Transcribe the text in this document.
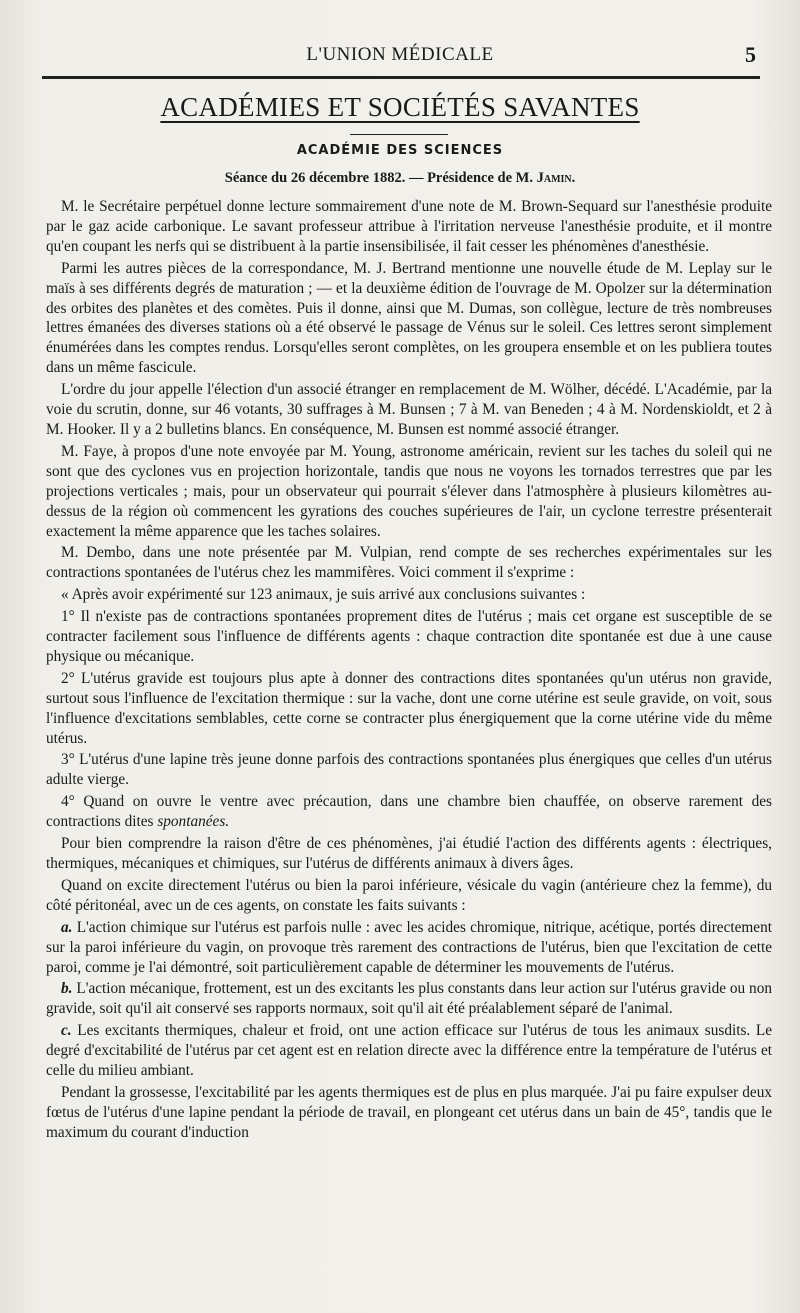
L'UNION MÉDICALE	5
ACADÉMIES ET SOCIÉTÉS SAVANTES
ACADÉMIE DES SCIENCES
Séance du 26 décembre 1882. — Présidence de M. Jamin.

M. le Secrétaire perpétuel donne lecture sommairement d'une note de M. Brown-Sequard sur l'anesthésie produite par le gaz acide carbonique. Le savant professeur attribue à l'irritation nerveuse l'anesthésie produite, et il montre qu'en coupant les nerfs qui se distribuent à la partie insensibilisée, il fait cesser les phénomènes d'anesthésie.

Parmi les autres pièces de la correspondance, M. J. Bertrand mentionne une nouvelle étude de M. Leplay sur le maïs à ses différents degrés de maturation ; — et la deuxième édition de l'ouvrage de M. Opolzer sur la détermination des orbites des planètes et des comètes. Puis il donne, ainsi que M. Dumas, son collègue, lecture de très nombreuses lettres émanées des diverses stations où a été observé le passage de Vénus sur le soleil. Ces lettres seront simplement énumérées dans les comptes rendus. Lorsqu'elles seront complètes, on les groupera ensemble et on les publiera toutes dans un même fascicule.

L'ordre du jour appelle l'élection d'un associé étranger en remplacement de M. Wölher, décédé. L'Académie, par la voie du scrutin, donne, sur 46 votants, 30 suffrages à M. Bunsen ; 7 à M. van Beneden ; 4 à M. Nordenskioldt, et 2 à M. Hooker. Il y a 2 bulletins blancs. En conséquence, M. Bunsen est nommé associé étranger.

M. Faye, à propos d'une note envoyée par M. Young, astronome américain, revient sur les taches du soleil qui ne sont que des cyclones vus en projection horizontale, tandis que nous ne voyons les tornados terrestres que par les projections verticales ; mais, pour un observateur qui pourrait s'élever dans l'atmosphère à plusieurs kilomètres au-dessus de la région où commencent les gyrations des couches supérieures de l'air, un cyclone terrestre présenterait exactement la même apparence que les taches solaires.

M. Dembo, dans une note présentée par M. Vulpian, rend compte de ses recherches expérimentales sur les contractions spontanées de l'utérus chez les mammifères. Voici comment il s'exprime :

« Après avoir expérimenté sur 123 animaux, je suis arrivé aux conclusions suivantes :

1° Il n'existe pas de contractions spontanées proprement dites de l'utérus ; mais cet organe est susceptible de se contracter facilement sous l'influence de différents agents : chaque contraction dite spontanée est due à une cause physique ou mécanique.

2° L'utérus gravide est toujours plus apte à donner des contractions dites spontanées qu'un utérus non gravide, surtout sous l'influence de l'excitation thermique : sur la vache, dont une corne utérine est seule gravide, on voit, sous l'influence d'excitations semblables, cette corne se contracter plus énergiquement que la corne utérine vide du même utérus.

3° L'utérus d'une lapine très jeune donne parfois des contractions spontanées plus énergiques que celles d'un utérus adulte vierge.

4° Quand on ouvre le ventre avec précaution, dans une chambre bien chauffée, on observe rarement des contractions dites spontanées.

Pour bien comprendre la raison d'être de ces phénomènes, j'ai étudié l'action des différents agents : électriques, thermiques, mécaniques et chimiques, sur l'utérus de différents animaux à divers âges.

Quand on excite directement l'utérus ou bien la paroi inférieure, vésicale du vagin (antérieure chez la femme), du côté péritonéal, avec un de ces agents, on constate les faits suivants :

a. L'action chimique sur l'utérus est parfois nulle : avec les acides chromique, nitrique, acétique, portés directement sur la paroi inférieure du vagin, on provoque très rarement des contractions de l'utérus, bien que l'excitation de cette paroi, comme je l'ai démontré, soit particulièrement capable de déterminer les mouvements de l'utérus.

b. L'action mécanique, frottement, est un des excitants les plus constants dans leur action sur l'utérus gravide ou non gravide, soit qu'il ait conservé ses rapports normaux, soit qu'il ait été préalablement séparé de l'animal.

c. Les excitants thermiques, chaleur et froid, ont une action efficace sur l'utérus de tous les animaux susdits. Le degré d'excitabilité de l'utérus par cet agent est en relation directe avec la différence entre la température de l'utérus et celle du milieu ambiant.

Pendant la grossesse, l'excitabilité par les agents thermiques est de plus en plus marquée. J'ai pu faire expulser deux fœtus de l'utérus d'une lapine pendant la période de travail, en plongeant cet utérus dans un bain de 45°, tandis que le maximum du courant d'induction
